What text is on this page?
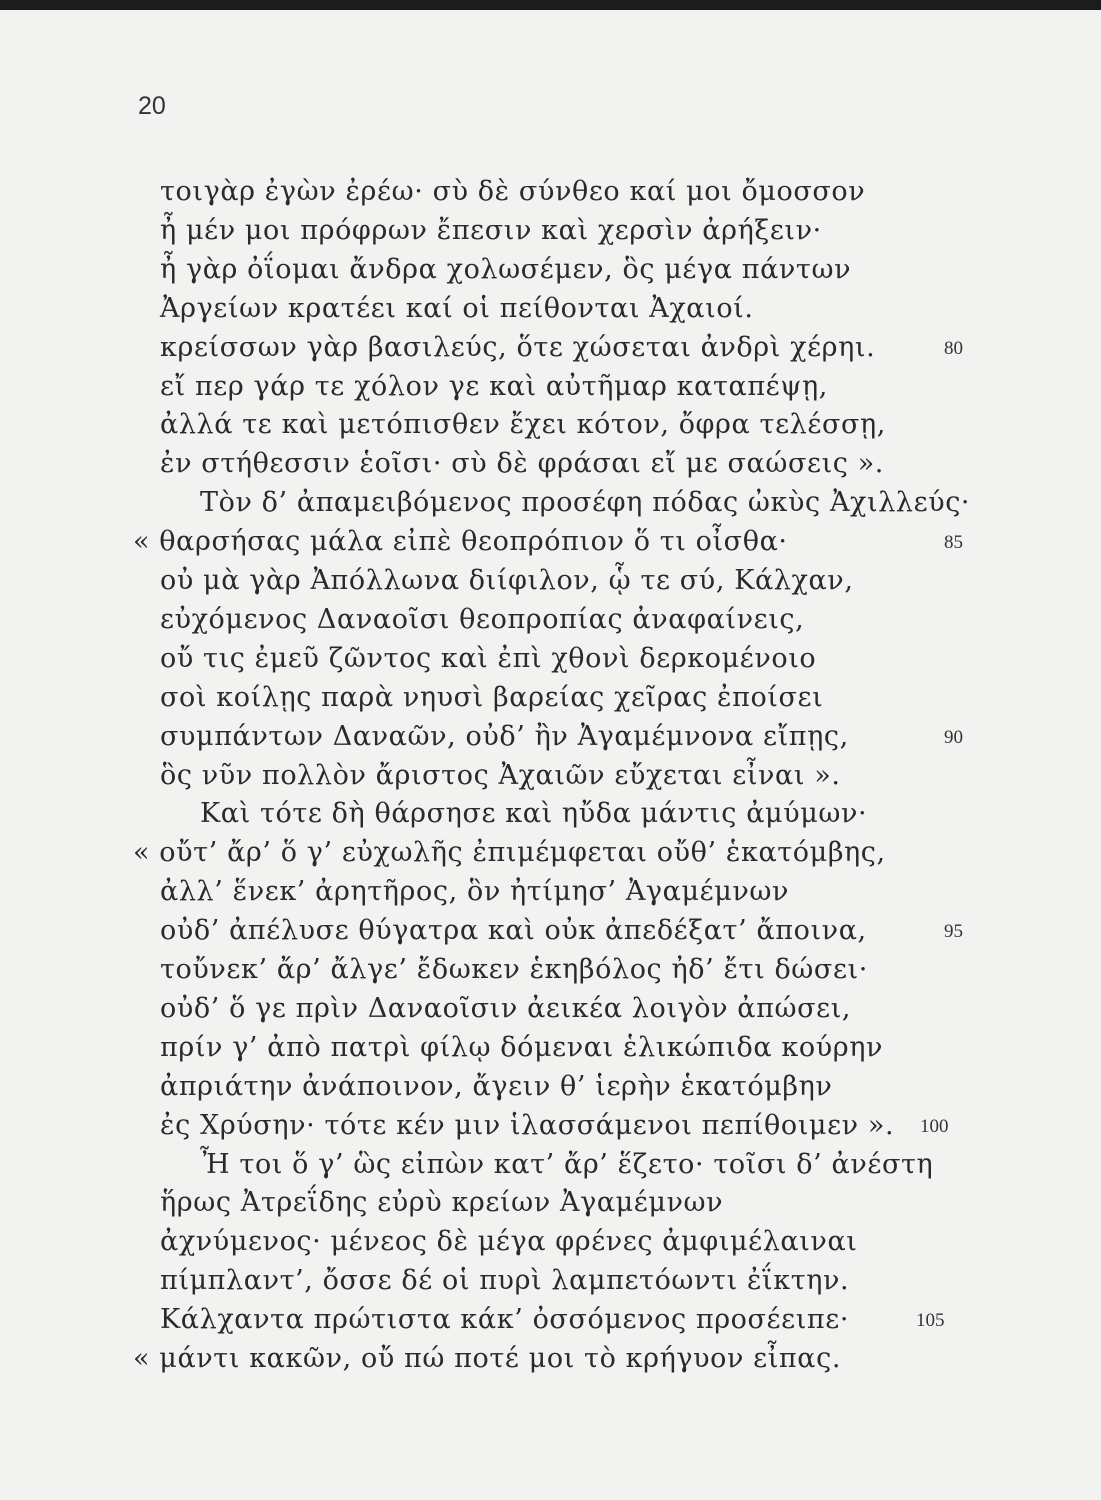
20
τοιγὰρ ἐγὼν ἐρέω· σὺ δὲ σύνθεο καί μοι ὄμοσσον
ἦ μέν μοι πρόφρων ἔπεσιν καὶ χερσὶν ἀρήξειν·
ἦ γὰρ ὀΐομαι ἄνδρα χολωσέμεν, ὃς μέγα πάντων
Ἀργείων κρατέει καί οἱ πείθονται Ἀχαιοί.
κρείσσων γὰρ βασιλεύς, ὅτε χώσεται ἀνδρὶ χέρηι.	80
εἴ περ γάρ τε χόλον γε καὶ αὐτῆμαρ καταπέψῃ,
ἀλλά τε καὶ μετόπισθεν ἔχει κότον, ὄφρα τελέσσῃ,
ἐν στήθεσσιν ἑοῖσι· σὺ δὲ φράσαι εἴ με σαώσεις ».
Τὸν δ’ ἀπαμειβόμενος προσέφη πόδας ὠκὺς Ἀχιλλεύς·
« θαρσήσας μάλα εἰπὲ θεοπρόπιον ὅ τι οἶσθα·	85
οὐ μὰ γὰρ Ἀπόλλωνα διίφιλον, ᾧ τε σύ, Κάλχαν,
εὐχόμενος Δαναοῖσι θεοπροπίας ἀναφαίνεις,
οὔ τις ἐμεῦ ζῶντος καὶ ἐπὶ χθονὶ δερκομένοιο
σοὶ κοίλῃς παρὰ νηυσὶ βαρείας χεῖρας ἐποίσει
συμπάντων Δαναῶν, οὐδ’ ἢν Ἀγαμέμνονα εἴπῃς,	90
ὃς νῦν πολλὸν ἄριστος Ἀχαιῶν εὔχεται εἶναι ».
Καὶ τότε δὴ θάρσησε καὶ ηὔδα μάντις ἀμύμων·
« οὔτ’ ἄρ’ ὅ γ’ εὐχωλῆς ἐπιμέμφεται οὔθ’ ἑκατόμβης,
ἀλλ’ ἕνεκ’ ἀρητῆρος, ὃν ἠτίμησ’ Ἀγαμέμνων
οὐδ’ ἀπέλυσε θύγατρα καὶ οὐκ ἀπεδέξατ’ ἄποινα,	95
τοὔνεκ’ ἄρ’ ἄλγε’ ἔδωκεν ἑκηβόλος ἠδ’ ἔτι δώσει·
οὐδ’ ὅ γε πρὶν Δαναοῖσιν ἀεικέα λοιγὸν ἀπώσει,
πρίν γ’ ἀπὸ πατρὶ φίλῳ δόμεναι ἑλικώπιδα κούρην
ἀπριάτην ἀνάποινον, ἄγειν θ’ ἱερὴν ἑκατόμβην
ἐς Χρύσην· τότε κέν μιν ἱλασσάμενοι πεπίθοιμεν ». 100
Ἦ τοι ὅ γ’ ὣς εἰπὼν κατ’ ἄρ’ ἕζετο· τοῖσι δ’ ἀνέστη
ἥρως Ἀτρεΐδης εὐρὺ κρείων Ἀγαμέμνων
ἀχνύμενος· μένεος δὲ μέγα φρένες ἀμφιμέλαιναι
πίμπλαντ’, ὄσσε δέ οἱ πυρὶ λαμπετόωντι ἐΐκτην.
Κάλχαντα πρώτιστα κάκ’ ὀσσόμενος προσέειπε·	105
« μάντι κακῶν, οὔ πώ ποτέ μοι τὸ κρήγυον εἶπας.
